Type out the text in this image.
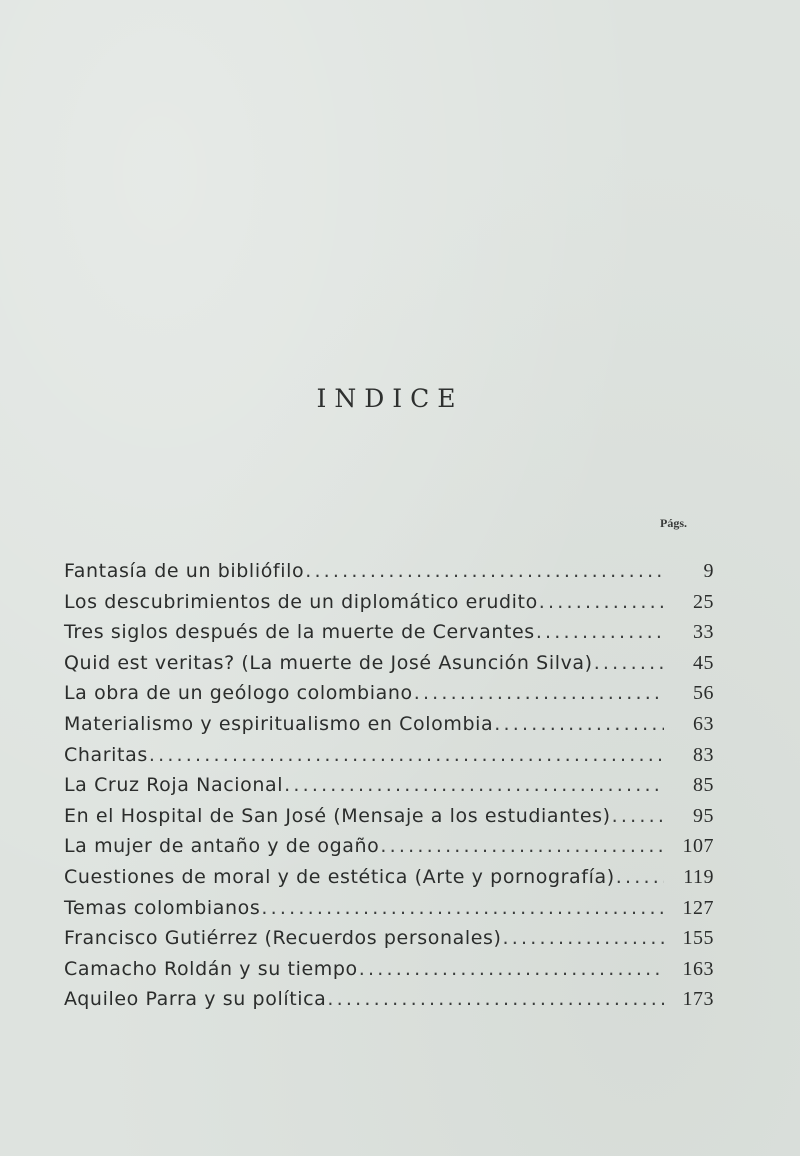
INDICE
Págs.
Fantasía de un bibliófilo .....	9
Los descubrimientos de un diplomático erudito .....	25
Tres siglos después de la muerte de Cervantes .....	33
Quid est veritas? (La muerte de José Asunción Silva) .....	45
La obra de un geólogo colombiano .....	56
Materialismo y espiritualismo en Colombia .....	63
Charitas .....	83
La Cruz Roja Nacional .....	85
En el Hospital de San José (Mensaje a los estudiantes) .....	95
La mujer de antaño y de ogaño .....	107
Cuestiones de moral y de estética (Arte y pornografía) .....	119
Temas colombianos .....	127
Francisco Gutiérrez (Recuerdos personales) .....	155
Camacho Roldán y su tiempo .....	163
Aquileo Parra y su política .....	173
